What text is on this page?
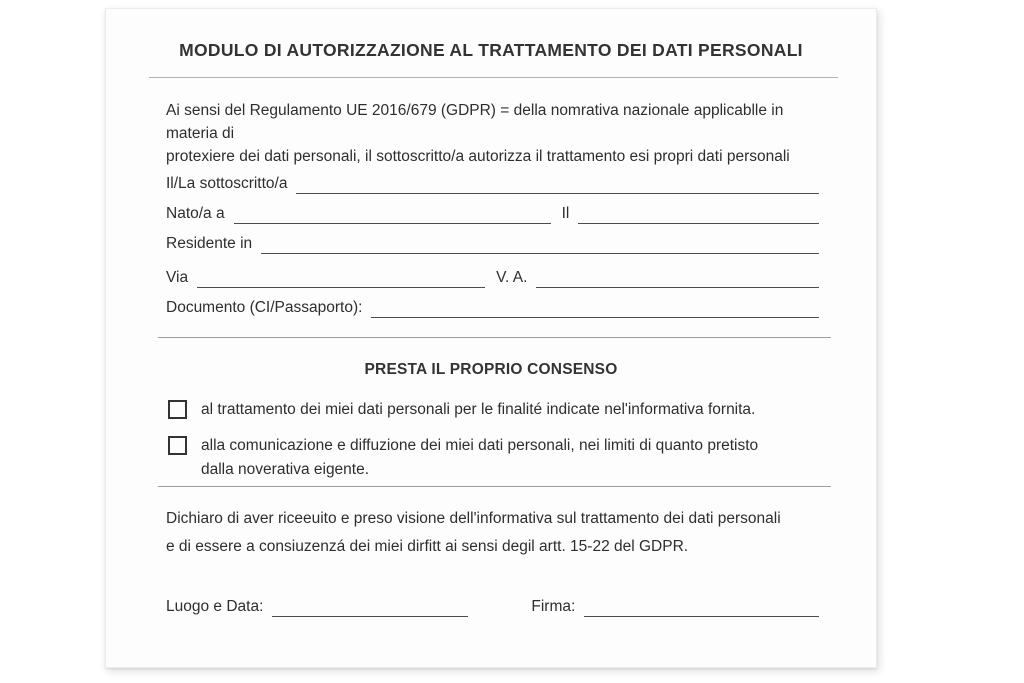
MODULO DI AUTORIZZAZIONE AL TRATTAMENTO DEI DATI PERSONALI
Ai sensi del Regulamento UE 2016/679 (GDPR) = della nomrativa nazionale applicablle in materia di
protexiere dei dati personali, il sottoscritto/a autorizza il trattamento esi propri dati personali
Il/La sottoscritto/a
Nato/a a	Il
Residente in
Via	V. A.
Documento (CI/Passaporto):
PRESTA IL PROPRIO CONSENSO
al trattamento dei miei dati personali per le finalité indicate nel'informativa fornita.
alla comunicazione e diffuzione dei miei dati personali, nei limiti di quanto pretisto
dalla noverativa eigente.
Dichiaro di aver riceeuito e preso visione dell'informativa sul trattamento dei dati personali
e di essere a consiuzenzá dei miei dirfitt ai sensi degil artt. 15-22 del GDPR.
Luogo e Data:	Firma:
